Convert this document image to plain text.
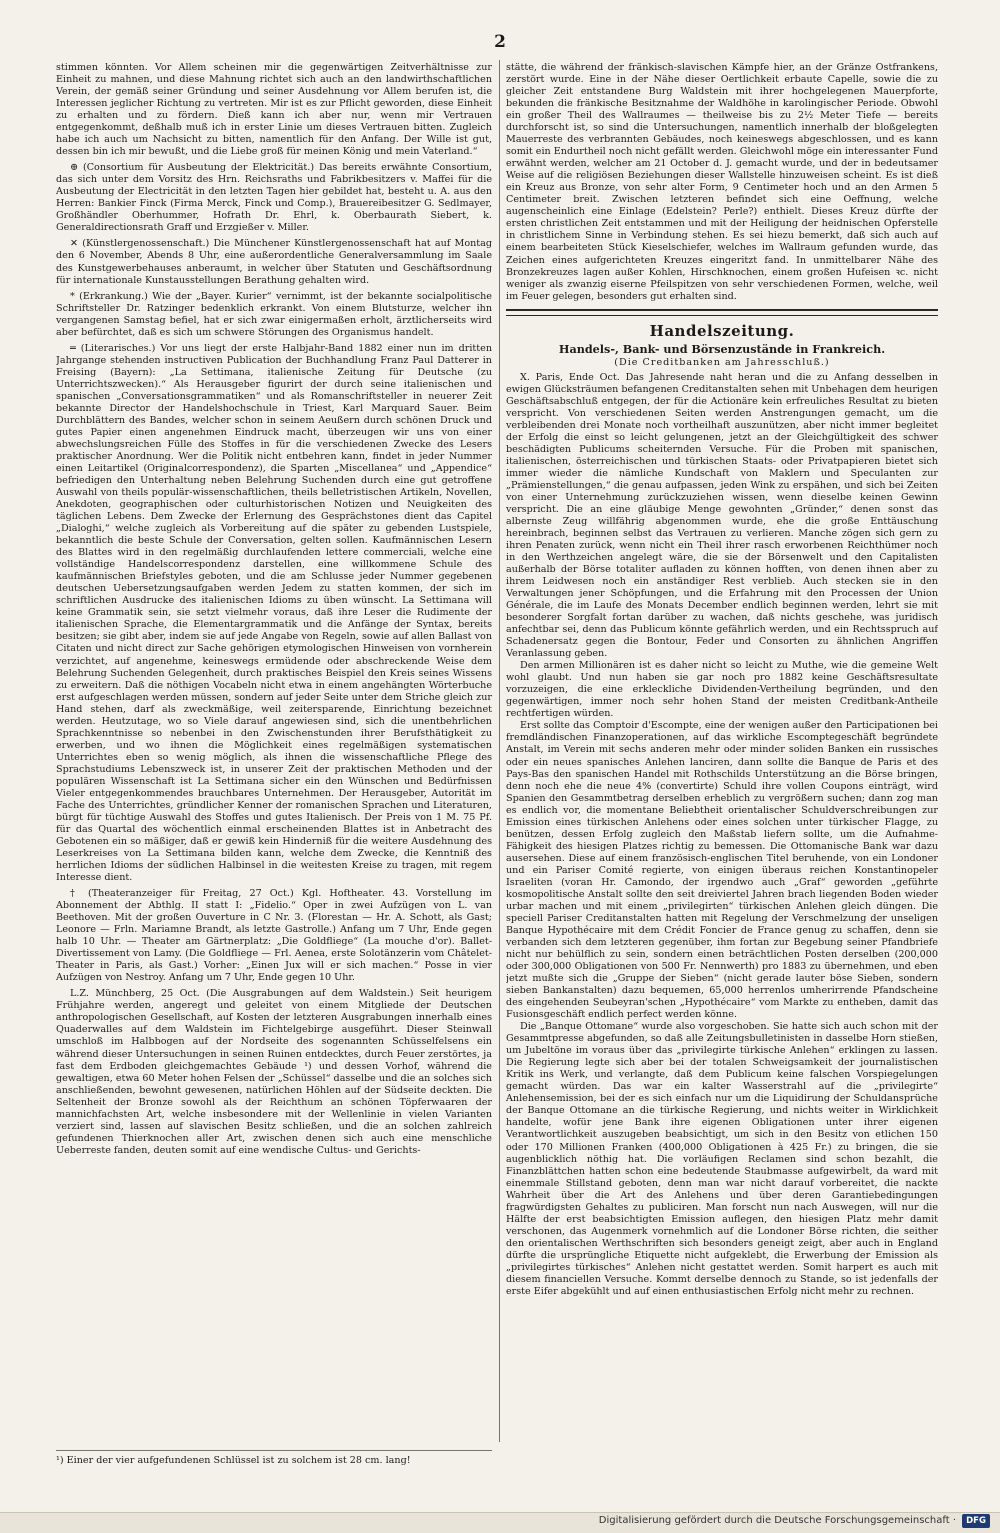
2

stimmen könnten. Vor Allem scheinen mir die gegenwärtigen Zeitverhältnisse zur Einheit zu mahnen, und diese Mahnung richtet sich auch an den landwirthschaftlichen Verein, der gemäß seiner Gründung und seiner Ausdehnung vor Allem berufen ist, die Interessen jeglicher Richtung zu vertreten. Mir ist es zur Pflicht geworden, diese Einheit zu erhalten und zu fördern. Dieß kann ich aber nur, wenn mir Vertrauen entgegenkommt, deßhalb muß ich in erster Linie um dieses Vertrauen bitten. Zugleich habe ich auch um Nachsicht zu bitten, namentlich für den Anfang. Der Wille ist gut, dessen bin ich mir bewußt, und die Liebe groß für meinen König und mein Vaterland.“

⊕ (Consortium für Ausbeutung der Elektricität.) Das bereits erwähnte Consortium, das sich unter dem Vorsitz des Hrn. Reichsraths und Fabrikbesitzers v. Maffei für die Ausbeutung der Electricität in den letzten Tagen hier gebildet hat, besteht u. A. aus den Herren: Bankier Finck (Firma Merck, Finck und Comp.), Brauereibesitzer G. Sedlmayer, Großhändler Oberhummer, Hofrath Dr. Ehrl, k. Oberbaurath Siebert, k. Generaldirectionsrath Graff und Erzgießer v. Miller.

✕ (Künstlergenossenschaft.) Die Münchener Künstlergenossenschaft hat auf Montag den 6 November, Abends 8 Uhr, eine außerordentliche Generalversammlung im Saale des Kunstgewerbehauses anberaumt, in welcher über Statuten und Geschäftsordnung für internationale Kunstausstellungen Berathung gehalten wird.

* (Erkrankung.) Wie der „Bayer. Kurier“ vernimmt, ist der bekannte socialpolitische Schriftsteller Dr. Ratzinger bedenklich erkrankt. Von einem Blutsturze, welcher ihn vergangenen Samstag befiel, hat er sich zwar einigermaßen erholt, ärztlicherseits wird aber befürchtet, daß es sich um schwere Störungen des Organismus handelt.

═ (Literarisches.) Vor uns liegt der erste Halbjahr-Band 1882 einer nun im dritten Jahrgange stehenden instructiven Publication der Buchhandlung Franz Paul Datterer in Freising (Bayern): „La Settimana, italienische Zeitung für Deutsche (zu Unterrichtszwecken).“ Als Herausgeber figurirt der durch seine italienischen und spanischen „Conversationsgrammatiken“ und als Romanschriftsteller in neuerer Zeit bekannte Director der Handelshochschule in Triest, Karl Marquard Sauer. Beim Durchblättern des Bandes, welcher schon in seinem Aeußern durch schönen Druck und gutes Papier einen angenehmen Eindruck macht, überzeugen wir uns von einer abwechslungsreichen Fülle des Stoffes in für die verschiedenen Zwecke des Lesers praktischer Anordnung. Wer die Politik nicht entbehren kann, findet in jeder Nummer einen Leitartikel (Originalcorrespondenz), die Sparten „Miscellanea“ und „Appendice“ befriedigen den Unterhaltung neben Belehrung Suchenden durch eine gut getroffene Auswahl von theils populär-wissenschaftlichen, theils belletristischen Artikeln, Novellen, Anekdoten, geographischen oder culturhistorischen Notizen und Neuigkeiten des täglichen Lebens. Dem Zwecke der Erlernung des Gesprächstones dient das Capitel „Dialoghi,“ welche zugleich als Vorbereitung auf die später zu gebenden Lustspiele, bekanntlich die beste Schule der Conversation, gelten sollen. Kaufmännischen Lesern des Blattes wird in den regelmäßig durchlaufenden lettere commerciali, welche eine vollständige Handelscorrespondenz darstellen, eine willkommene Schule des kaufmännischen Briefstyles geboten, und die am Schlusse jeder Nummer gegebenen deutschen Uebersetzungsaufgaben werden Jedem zu statten kommen, der sich im schriftlichen Ausdrucke des italienischen Idioms zu üben wünscht. La Settimana will keine Grammatik sein, sie setzt vielmehr voraus, daß ihre Leser die Rudimente der italienischen Sprache, die Elementargrammatik und die Anfänge der Syntax, bereits besitzen; sie gibt aber, indem sie auf jede Angabe von Regeln, sowie auf allen Ballast von Citaten und nicht direct zur Sache gehörigen etymologischen Hinweisen von vornherein verzichtet, auf angenehme, keineswegs ermüdende oder abschreckende Weise dem Belehrung Suchenden Gelegenheit, durch praktisches Beispiel den Kreis seines Wissens zu erweitern. Daß die nöthigen Vocabeln nicht etwa in einem angehängten Wörterbuche erst aufgeschlagen werden müssen, sondern auf jeder Seite unter dem Striche gleich zur Hand stehen, darf als zweckmäßige, weil zeitersparende, Einrichtung bezeichnet werden. Heutzutage, wo so Viele darauf angewiesen sind, sich die unentbehrlichen Sprachkenntnisse so nebenbei in den Zwischenstunden ihrer Berufsthätigkeit zu erwerben, und wo ihnen die Möglichkeit eines regelmäßigen systematischen Unterrichtes eben so wenig möglich, als ihnen die wissenschaftliche Pflege des Sprachstudiums Lebenszweck ist, in unserer Zeit der praktischen Methoden und der populären Wissenschaft ist La Settimana sicher ein den Wünschen und Bedürfnissen Vieler entgegenkommendes brauchbares Unternehmen. Der Herausgeber, Autorität im Fache des Unterrichtes, gründlicher Kenner der romanischen Sprachen und Literaturen, bürgt für tüchtige Auswahl des Stoffes und gutes Italienisch. Der Preis von 1 M. 75 Pf. für das Quartal des wöchentlich einmal erscheinenden Blattes ist in Anbetracht des Gebotenen ein so mäßiger, daß er gewiß kein Hinderniß für die weitere Ausdehnung des Leserkreises von La Settimana bilden kann, welche dem Zwecke, die Kenntniß des herrlichen Idioms der südlichen Halbinsel in die weitesten Kreise zu tragen, mit regem Interesse dient.

† (Theateranzeiger für Freitag, 27 Oct.) Kgl. Hoftheater. 43. Vorstellung im Abonnement der Abthlg. II statt I: „Fidelio.“ Oper in zwei Aufzügen von L. van Beethoven. Mit der großen Ouverture in C Nr. 3. (Florestan — Hr. A. Schott, als Gast; Leonore — Frln. Mariamne Brandt, als letzte Gastrolle.) Anfang um 7 Uhr, Ende gegen halb 10 Uhr. — Theater am Gärtnerplatz: „Die Goldfliege“ (La mouche d'or). Ballet-Divertissement von Lamy. (Die Goldfliege — Frl. Aenea, erste Solotänzerin vom Châtelet-Theater in Paris, als Gast.) Vorher: „Einen Jux will er sich machen.“ Posse in vier Aufzügen von Nestroy. Anfang um 7 Uhr, Ende gegen 10 Uhr.

L.Z. Münchberg, 25 Oct. (Die Ausgrabungen auf dem Waldstein.) Seit heurigem Frühjahre werden, angeregt und geleitet von einem Mitgliede der Deutschen anthropologischen Gesellschaft, auf Kosten der letzteren Ausgrabungen innerhalb eines Quaderwalles auf dem Waldstein im Fichtelgebirge ausgeführt. Dieser Steinwall umschloß im Halbbogen auf der Nordseite des sogenannten Schüsselfelsens ein während dieser Untersuchungen in seinen Ruinen entdecktes, durch Feuer zerstörtes, ja fast dem Erdboden gleichgemachtes Gebäude ¹) und dessen Vorhof, während die gewaltigen, etwa 60 Meter hohen Felsen der „Schüssel“ dasselbe und die an solches sich anschließenden, bewohnt gewesenen, natürlichen Höhlen auf der Südseite deckten. Die Seltenheit der Bronze sowohl als der Reichthum an schönen Töpferwaaren der mannichfachsten Art, welche insbesondere mit der Wellenlinie in vielen Varianten verziert sind, lassen auf slavischen Besitz schließen, und die an solchen zahlreich gefundenen Thierknochen aller Art, zwischen denen sich auch eine menschliche Ueberreste fanden, deuten somit auf eine wendische Cultus- und Gerichts-

stätte, die während der fränkisch-slavischen Kämpfe hier, an der Gränze Ostfrankens, zerstört wurde. Eine in der Nähe dieser Oertlichkeit erbaute Capelle, sowie die zu gleicher Zeit entstandene Burg Waldstein mit ihrer hochgelegenen Mauerpforte, bekunden die fränkische Besitznahme der Waldhöhe in karolingischer Periode. Obwohl ein großer Theil des Wallraumes — theilweise bis zu 2½ Meter Tiefe — bereits durchforscht ist, so sind die Untersuchungen, namentlich innerhalb der bloßgelegten Mauerreste des verbrannten Gebäudes, noch keineswegs abgeschlossen, und es kann somit ein Endurtheil noch nicht gefällt werden. Gleichwohl möge ein interessanter Fund erwähnt werden, welcher am 21 October d. J. gemacht wurde, und der in bedeutsamer Weise auf die religiösen Beziehungen dieser Wallstelle hinzuweisen scheint. Es ist dieß ein Kreuz aus Bronze, von sehr alter Form, 9 Centimeter hoch und an den Armen 5 Centimeter breit. Zwischen letzteren befindet sich eine Oeffnung, welche augenscheinlich eine Einlage (Edelstein? Perle?) enthielt. Dieses Kreuz dürfte der ersten christlichen Zeit entstammen und mit der Heiligung der heidnischen Opferstelle in christlichem Sinne in Verbindung stehen. Es sei hiezu bemerkt, daß sich auch auf einem bearbeiteten Stück Kieselschiefer, welches im Wallraum gefunden wurde, das Zeichen eines aufgerichteten Kreuzes eingeritzt fand. In unmittelbarer Nähe des Bronzekreuzes lagen außer Kohlen, Hirschknochen, einem großen Hufeisen ꝛc. nicht weniger als zwanzig eiserne Pfeilspitzen von sehr verschiedenen Formen, welche, weil im Feuer gelegen, besonders gut erhalten sind.

Handelszeitung.
Handels-, Bank- und Börsenzustände in Frankreich.
(Die Creditbanken am Jahresschluß.)

X. Paris, Ende Oct. Das Jahresende naht heran und die zu Anfang desselben in ewigen Glücksträumen befangenen Creditanstalten sehen mit Unbehagen dem heurigen Geschäftsabschluß entgegen, der für die Actionäre kein erfreuliches Resultat zu bieten verspricht. Von verschiedenen Seiten werden Anstrengungen gemacht, um die verbleibenden drei Monate noch vortheilhaft auszunützen, aber nicht immer begleitet der Erfolg die einst so leicht gelungenen, jetzt an der Gleichgültigkeit des schwer beschädigten Publicums scheiternden Versuche. Für die Proben mit spanischen, italienischen, österreichischen und türkischen Staats- oder Privatpapieren bietet sich immer wieder die nämliche Kundschaft von Maklern und Speculanten zur „Prämienstellungen,“ die genau aufpassen, jeden Wink zu erspähen, und sich bei Zeiten von einer Unternehmung zurückzuziehen wissen, wenn dieselbe keinen Gewinn verspricht. Die an eine gläubige Menge gewohnten „Gründer,“ denen sonst das albernste Zeug willfährig abgenommen wurde, ehe die große Enttäuschung hereinbrach, beginnen selbst das Vertrauen zu verlieren. Manche zögen sich gern zu ihren Penaten zurück, wenn nicht ein Theil ihrer rasch erworbenen Reichthümer noch in den Werthzeichen angelegt wäre, die sie der Börsenwelt und den Capitalisten außerhalb der Börse totaliter aufladen zu können hofften, von denen ihnen aber zu ihrem Leidwesen noch ein anständiger Rest verblieb. Auch stecken sie in den Verwaltungen jener Schöpfungen, und die Erfahrung mit den Processen der Union Générale, die im Laufe des Monats December endlich beginnen werden, lehrt sie mit besonderer Sorgfalt fortan darüber zu wachen, daß nichts geschehe, was juridisch anfechtbar sei, denn das Publicum könnte gefährlich werden, und ein Rechtsspruch auf Schadenersatz gegen die Bontour, Feder und Consorten zu ähnlichen Angriffen Veranlassung geben.

Den armen Millionären ist es daher nicht so leicht zu Muthe, wie die gemeine Welt wohl glaubt. Und nun haben sie gar noch pro 1882 keine Geschäftsresultate vorzuzeigen, die eine erkleckliche Dividenden-Vertheilung begründen, und den gegenwärtigen, immer noch sehr hohen Stand der meisten Creditbank-Antheile rechtfertigen würden.

Erst sollte das Comptoir d'Escompte, eine der wenigen außer den Participationen bei fremdländischen Finanzoperationen, auf das wirkliche Escomptegeschäft begründete Anstalt, im Verein mit sechs anderen mehr oder minder soliden Banken ein russisches oder ein neues spanisches Anlehen lanciren, dann sollte die Banque de Paris et des Pays-Bas den spanischen Handel mit Rothschilds Unterstützung an die Börse bringen, denn noch ehe die neue 4% (convertirte) Schuld ihre vollen Coupons einträgt, wird Spanien den Gesammtbetrag derselben erheblich zu vergrößern suchen; dann zog man es endlich vor, die momentane Beliebtheit orientalischer Schuldverschreibungen zur Emission eines türkischen Anlehens oder eines solchen unter türkischer Flagge, zu benützen, dessen Erfolg zugleich den Maßstab liefern sollte, um die Aufnahme-Fähigkeit des hiesigen Platzes richtig zu bemessen. Die Ottomanische Bank war dazu ausersehen. Diese auf einem französisch-englischen Titel beruhende, von ein Londoner und ein Pariser Comité regierte, von einigen überaus reichen Konstantinopeler Israeliten (voran Hr. Camondo, der irgendwo auch „Graf“ geworden „geführte kosmopolitische Anstalt sollte den seit dreiviertel Jahren brach liegenden Boden wieder urbar machen und mit einem „privilegirten“ türkischen Anlehen gleich düngen. Die speciell Pariser Creditanstalten hatten mit Regelung der Verschmelzung der unseligen Banque Hypothécaire mit dem Crédit Foncier de France genug zu schaffen, denn sie verbanden sich dem letzteren gegenüber, ihm fortan zur Begebung seiner Pfandbriefe nicht nur behülflich zu sein, sondern einen beträchtlichen Posten derselben (200,000 oder 300,000 Obligationen von 500 Fr. Nennwerth) pro 1883 zu übernehmen, und eben jetzt mußte sich die „Gruppe der Sieben“ (nicht gerade lauter böse Sieben, sondern sieben Bankanstalten) dazu bequemen, 65,000 herrenlos umherirrende Pfandscheine des eingehenden Seubeyran'schen „Hypothécaire“ vom Markte zu entheben, damit das Fusionsgeschäft endlich perfect werden könne.

Die „Banque Ottomane“ wurde also vorgeschoben. Sie hatte sich auch schon mit der Gesammtpresse abgefunden, so daß alle Zeitungsbulletinisten in dasselbe Horn stießen, um Jubeltöne im voraus über das „privilegirte türkische Anlehen“ erklingen zu lassen. Die Regierung legte sich aber bei der totalen Schweigsamkeit der journalistischen Kritik ins Werk, und verlangte, daß dem Publicum keine falschen Vorspiegelungen gemacht würden. Das war ein kalter Wasserstrahl auf die „privilegirte“ Anlehensemission, bei der es sich einfach nur um die Liquidirung der Schuldansprüche der Banque Ottomane an die türkische Regierung, und nichts weiter in Wirklichkeit handelte, wofür jene Bank ihre eigenen Obligationen unter ihrer eigenen Verantwortlichkeit auszugeben beabsichtigt, um sich in den Besitz von etlichen 150 oder 170 Millionen Franken (400,000 Obligationen à 425 Fr.) zu bringen, die sie augenblicklich nöthig hat. Die vorläufigen Reclamen sind schon bezahlt, die Finanzblättchen hatten schon eine bedeutende Staubmasse aufgewirbelt, da ward mit einemmale Stillstand geboten, denn man war nicht darauf vorbereitet, die nackte Wahrheit über die Art des Anlehens und über deren Garantiebedingungen fragwürdigsten Gehaltes zu publiciren. Man forscht nun nach Auswegen, will nur die Hälfte der erst beabsichtigten Emission auflegen, den hiesigen Platz mehr damit verschonen, das Augenmerk vornehmlich auf die Londoner Börse richten, die seither den orientalischen Werthschriften sich besonders geneigt zeigt, aber auch in England dürfte die ursprüngliche Etiquette nicht aufgeklebt, die Erwerbung der Emission als „privilegirtes türkisches“ Anlehen nicht gestattet werden. Somit harpert es auch mit diesem financiellen Versuche. Kommt derselbe dennoch zu Stande, so ist jedenfalls der erste Eifer abgekühlt und auf einen enthusiastischen Erfolg nicht mehr zu rechnen.

¹) Einer der vier aufgefundenen Schlüssel ist zu solchem ist 28 cm. lang!
Digitalisierung gefördert durch die Deutsche Forschungsgemeinschaft ·	DFG
